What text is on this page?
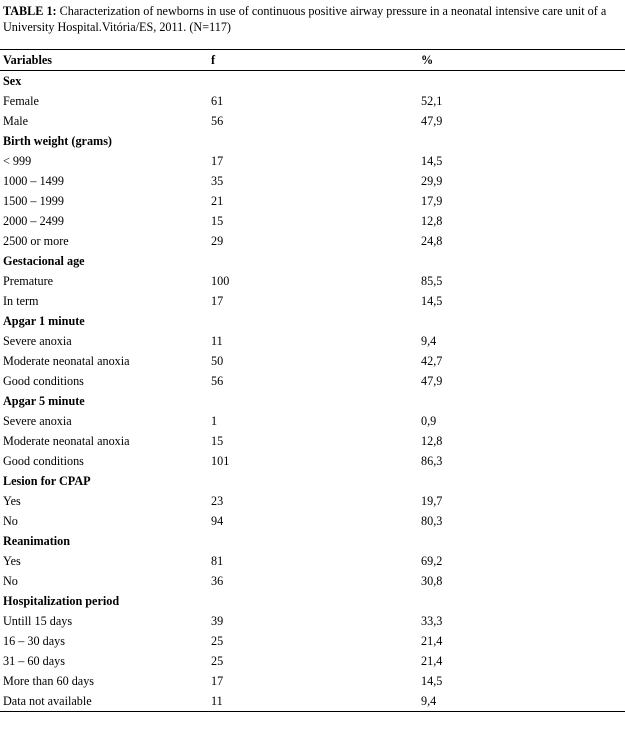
TABLE 1: Characterization of newborns in use of continuous positive airway pressure in a neonatal intensive care unit of a University Hospital.Vitória/ES, 2011. (N=117)
Variables	f	%
Sex
Female	61	52,1
Male	56	47,9
Birth weight (grams)
< 999	17	14,5
1000 – 1499	35	29,9
1500 – 1999	21	17,9
2000 – 2499	15	12,8
2500 or more	29	24,8
Gestacional age
Premature	100	85,5
In term	17	14,5
Apgar 1 minute
Severe anoxia	11	9,4
Moderate neonatal anoxia	50	42,7
Good conditions	56	47,9
Apgar 5 minute
Severe anoxia	1	0,9
Moderate neonatal anoxia	15	12,8
Good conditions	101	86,3
Lesion for CPAP
Yes	23	19,7
No	94	80,3
Reanimation
Yes	81	69,2
No	36	30,8
Hospitalization period
Untill 15 days	39	33,3
16 – 30 days	25	21,4
31 – 60 days	25	21,4
More than 60 days	17	14,5
Data not available	11	9,4
